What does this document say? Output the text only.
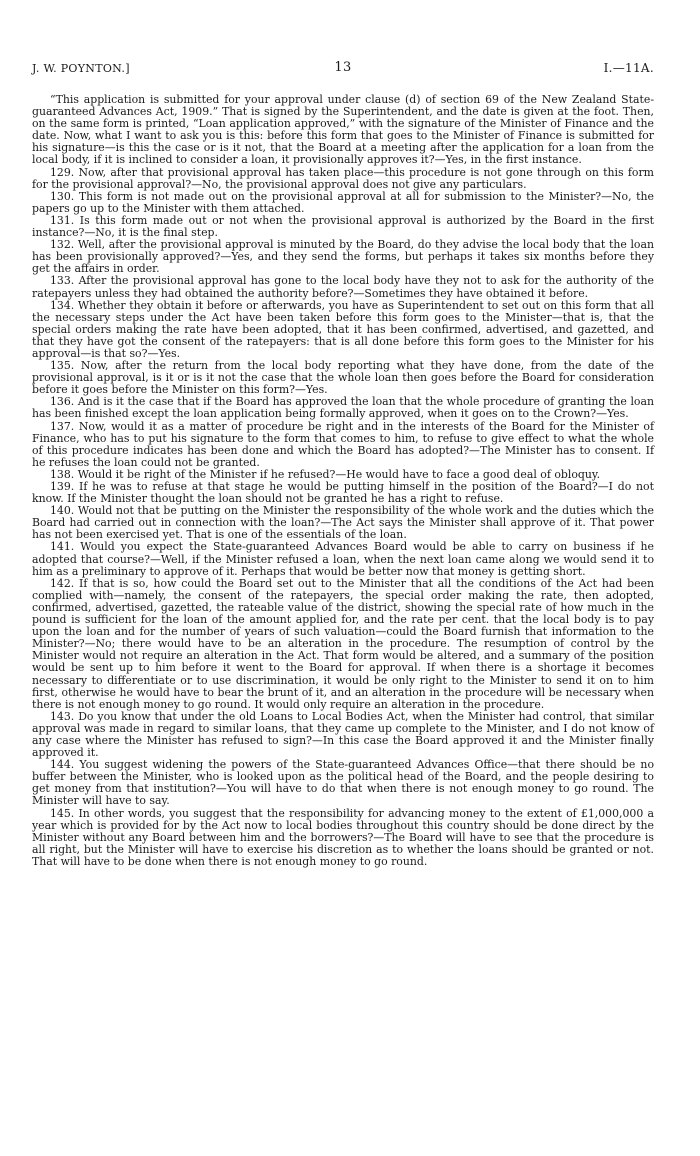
J. W. POYNTON.]	13	I.—11A.

“This application is submitted for your approval under clause (d) of section 69 of the New Zealand State-guaranteed Advances Act, 1909.” That is signed by the Superintendent, and the date is given at the foot. Then, on the same form is printed, “Loan application approved,” with the signature of the Minister of Finance and the date. Now, what I want to ask you is this: before this form that goes to the Minister of Finance is submitted for his signature—is this the case or is it not, that the Board at a meeting after the application for a loan from the local body, if it is inclined to consider a loan, it provisionally approves it?—Yes, in the first instance.

129. Now, after that provisional approval has taken place—this procedure is not gone through on this form for the provisional approval?—No, the provisional approval does not give any particulars.

130. This form is not made out on the provisional approval at all for submission to the Minister?—No, the papers go up to the Minister with them attached.

131. Is this form made out or not when the provisional approval is authorized by the Board in the first instance?—No, it is the final step.

132. Well, after the provisional approval is minuted by the Board, do they advise the local body that the loan has been provisionally approved?—Yes, and they send the forms, but perhaps it takes six months before they get the affairs in order.

133. After the provisional approval has gone to the local body have they not to ask for the authority of the ratepayers unless they had obtained the authority before?—Sometimes they have obtained it before.

134. Whether they obtain it before or afterwards, you have as Superintendent to set out on this form that all the necessary steps under the Act have been taken before this form goes to the Minister—that is, that the special orders making the rate have been adopted, that it has been confirmed, advertised, and gazetted, and that they have got the consent of the ratepayers: that is all done before this form goes to the Minister for his approval—is that so?—Yes.

135. Now, after the return from the local body reporting what they have done, from the date of the provisional approval, is it or is it not the case that the whole loan then goes before the Board for consideration before it goes before the Minister on this form?—Yes.

136. And is it the case that if the Board has approved the loan that the whole procedure of granting the loan has been finished except the loan application being formally approved, when it goes on to the Crown?—Yes.

137. Now, would it as a matter of procedure be right and in the interests of the Board for the Minister of Finance, who has to put his signature to the form that comes to him, to refuse to give effect to what the whole of this procedure indicates has been done and which the Board has adopted?—The Minister has to consent. If he refuses the loan could not be granted.

138. Would it be right of the Minister if he refused?—He would have to face a good deal of obloquy.

139. If he was to refuse at that stage he would be putting himself in the position of the Board?—I do not know. If the Minister thought the loan should not be granted he has a right to refuse.

140. Would not that be putting on the Minister the responsibility of the whole work and the duties which the Board had carried out in connection with the loan?—The Act says the Minister shall approve of it. That power has not been exercised yet. That is one of the essentials of the loan.

141. Would you expect the State-guaranteed Advances Board would be able to carry on business if he adopted that course?—Well, if the Minister refused a loan, when the next loan came along we would send it to him as a preliminary to approve of it. Perhaps that would be better now that money is getting short.

142. If that is so, how could the Board set out to the Minister that all the conditions of the Act had been complied with—namely, the consent of the ratepayers, the special order making the rate, then adopted, confirmed, advertised, gazetted, the rateable value of the district, showing the special rate of how much in the pound is sufficient for the loan of the amount applied for, and the rate per cent. that the local body is to pay upon the loan and for the number of years of such valuation—could the Board furnish that information to the Minister?—No; there would have to be an alteration in the procedure. The resumption of control by the Minister would not require an alteration in the Act. That form would be altered, and a summary of the position would be sent up to him before it went to the Board for approval. If when there is a shortage it becomes necessary to differentiate or to use discrimination, it would be only right to the Minister to send it on to him first, otherwise he would have to bear the brunt of it, and an alteration in the procedure will be necessary when there is not enough money to go round. It would only require an alteration in the procedure.

143. Do you know that under the old Loans to Local Bodies Act, when the Minister had control, that similar approval was made in regard to similar loans, that they came up complete to the Minister, and I do not know of any case where the Minister has refused to sign?—In this case the Board approved it and the Minister finally approved it.

144. You suggest widening the powers of the State-guaranteed Advances Office—that there should be no buffer between the Minister, who is looked upon as the political head of the Board, and the people desiring to get money from that institution?—You will have to do that when there is not enough money to go round. The Minister will have to say.

145. In other words, you suggest that the responsibility for advancing money to the extent of £1,000,000 a year which is provided for by the Act now to local bodies throughout this country should be done direct by the Minister without any Board between him and the borrowers?—The Board will have to see that the procedure is all right, but the Minister will have to exercise his discretion as to whether the loans should be granted or not. That will have to be done when there is not enough money to go round.
